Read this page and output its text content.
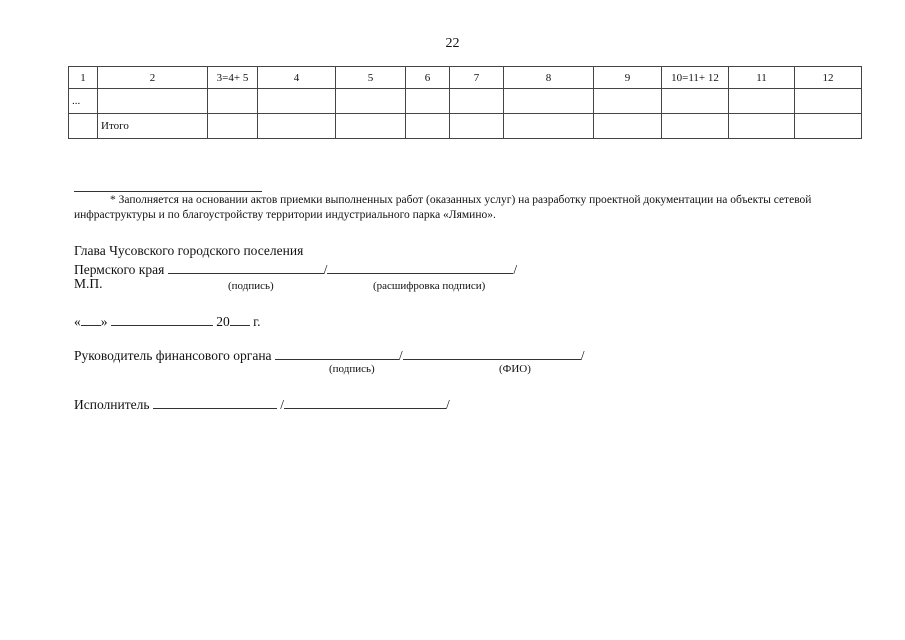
22
1	2	3=4+ 5	4	5	6	7	8	9	10=11+ 12	11	12
...											
	Итого										
* Заполняется на основании актов приемки выполненных работ (оказанных услуг) на разработку проектной документации на объекты сетевой инфраструктуры и по благоустройству территории индустриального парка «Лямино».
Глава Чусовского городского поселения
Пермского края	/	/
М.П.	(подпись)	(расшифровка подписи)
« »	20 г.
Руководитель финансового органа	/	/
(подпись)	(ФИО)
Исполнитель	/	/
